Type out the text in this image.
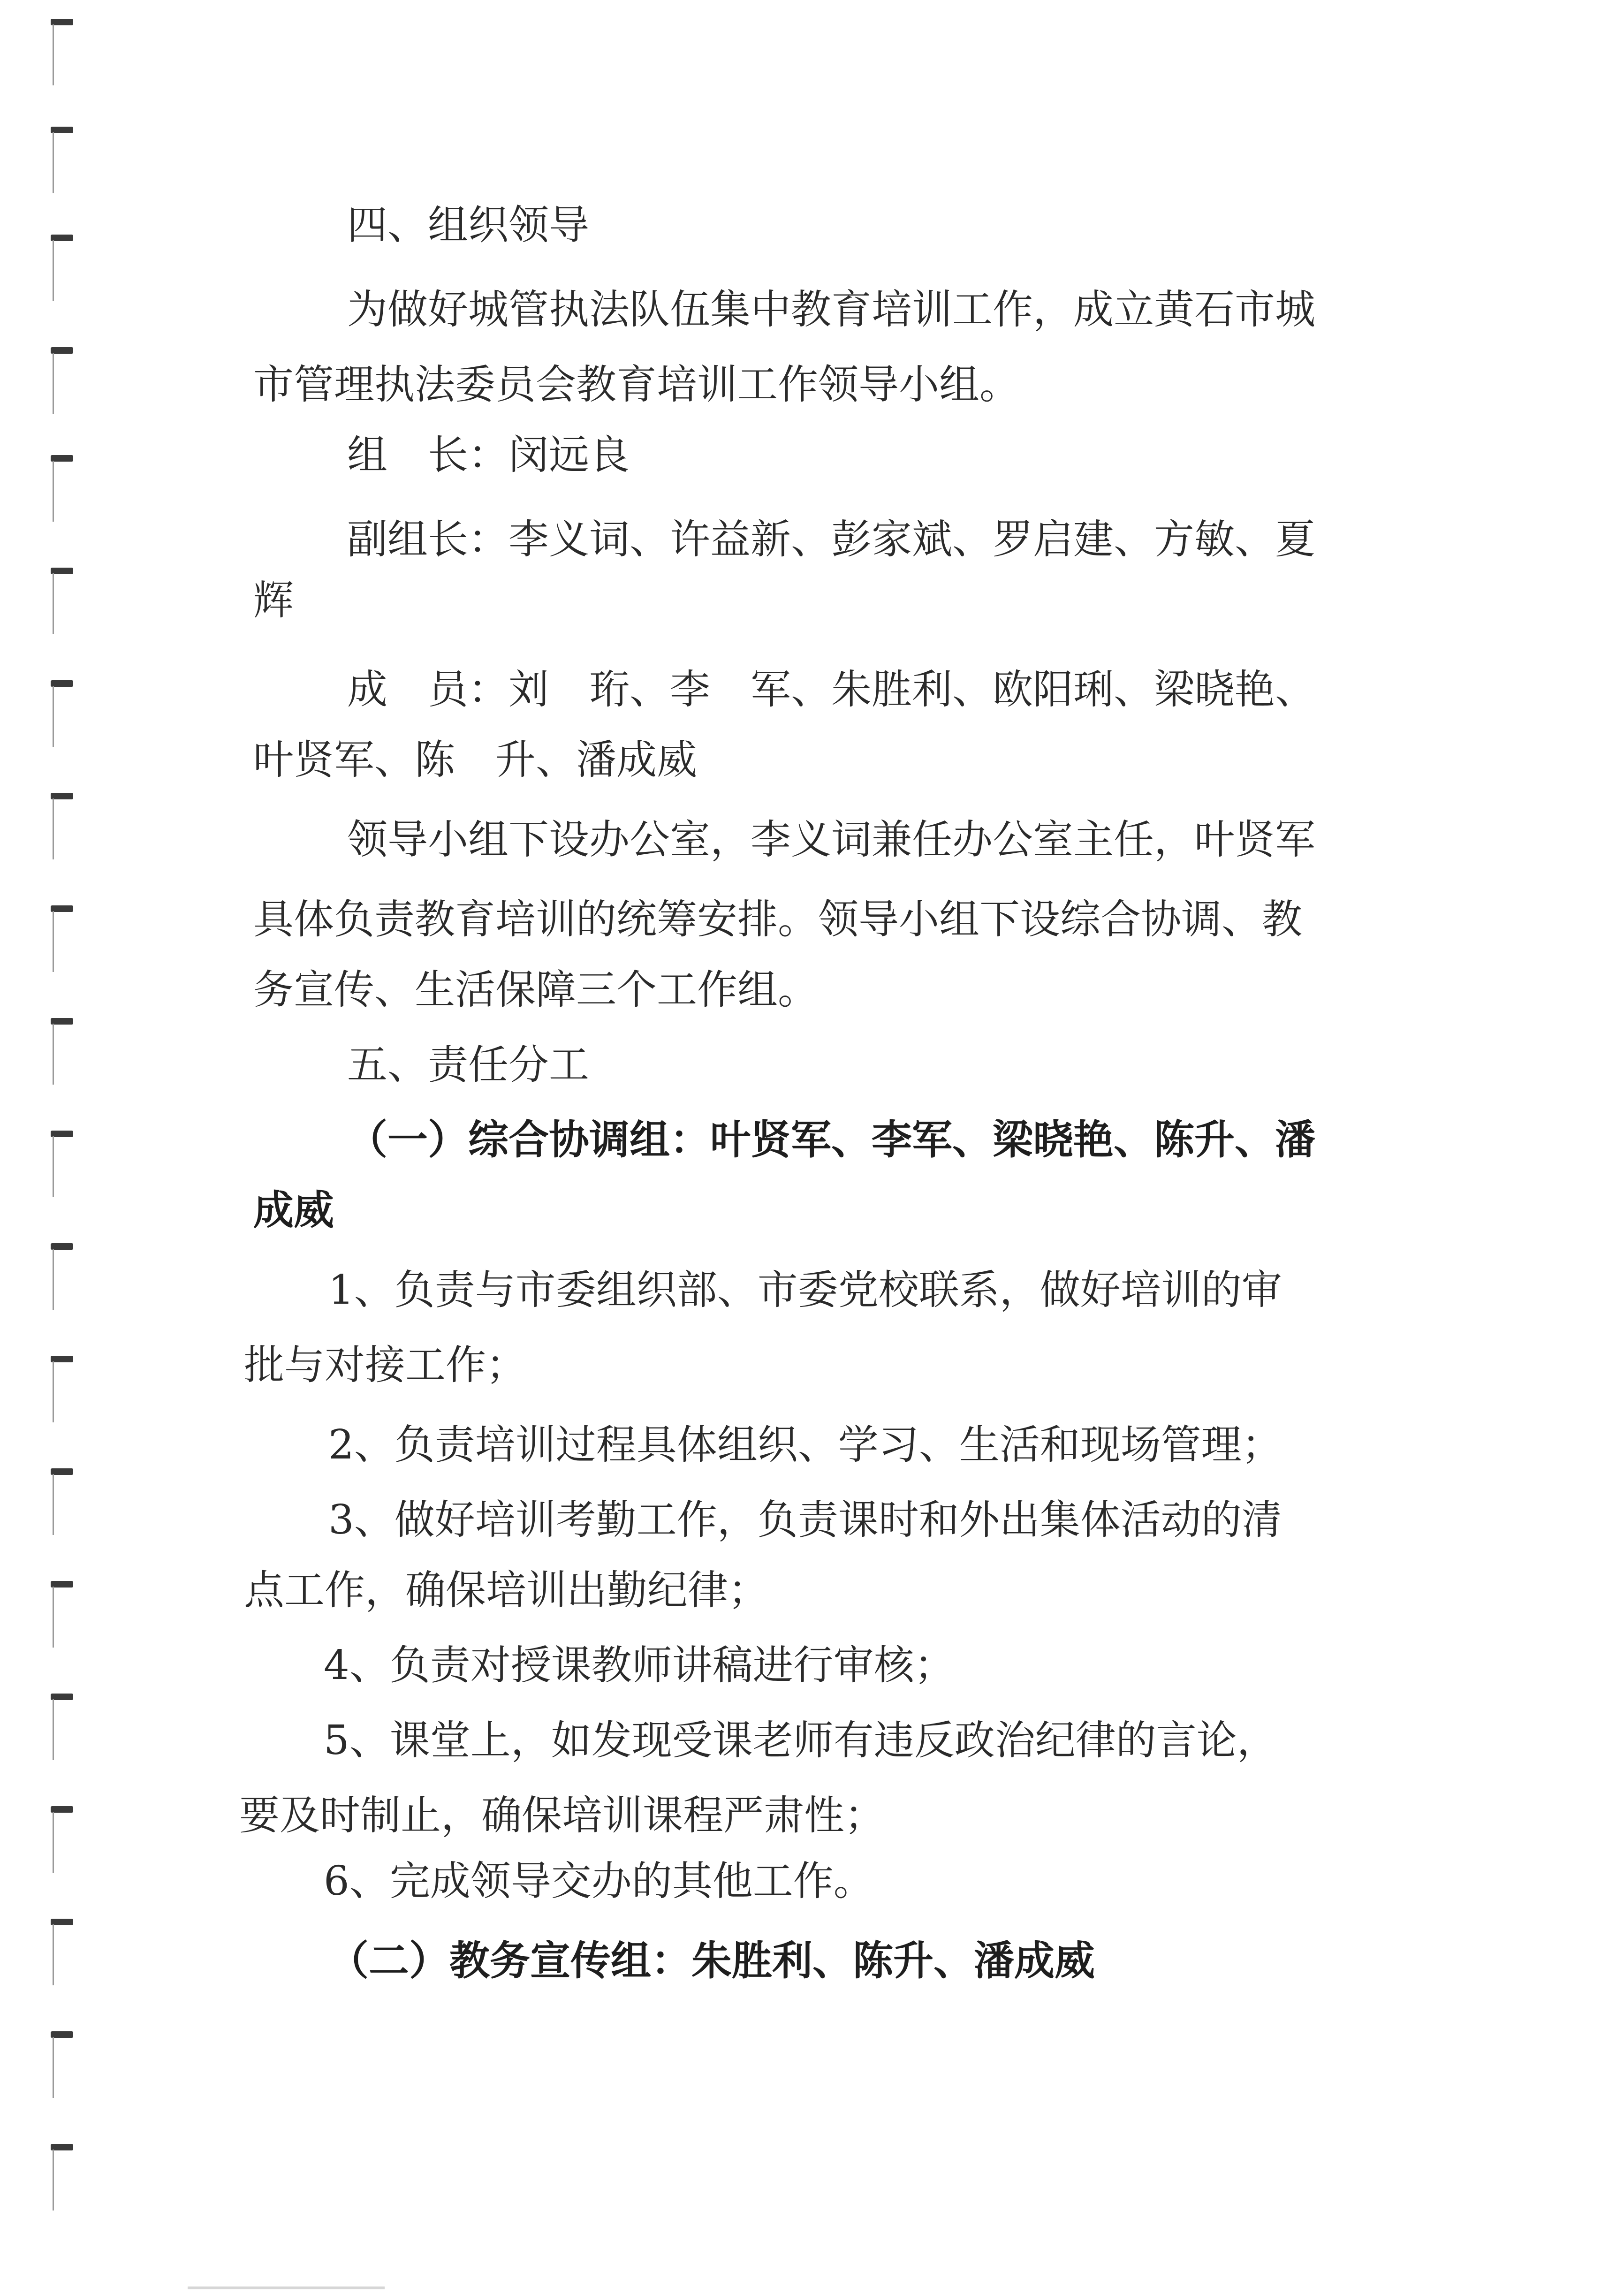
四、组织领导

为做好城管执法队伍集中教育培训工作，成立黄石市城

市管理执法委员会教育培训工作领导小组。

组　长：闵远良

副组长：李义词、许益新、彭家斌、罗启建、方敏、夏

辉

成　员：刘　珩、李　军、朱胜利、欧阳琍、梁晓艳、

叶贤军、陈　升、潘成威

领导小组下设办公室，李义词兼任办公室主任，叶贤军

具体负责教育培训的统筹安排。领导小组下设综合协调、教

务宣传、生活保障三个工作组。

五、责任分工

（一）综合协调组：叶贤军、李军、梁晓艳、陈升、潘

成威

1、负责与市委组织部、市委党校联系，做好培训的审

批与对接工作；

2、负责培训过程具体组织、学习、生活和现场管理；

3、做好培训考勤工作，负责课时和外出集体活动的清

点工作，确保培训出勤纪律；

4、负责对授课教师讲稿进行审核；

5、课堂上，如发现受课老师有违反政治纪律的言论，

要及时制止，确保培训课程严肃性；

6、完成领导交办的其他工作。

（二）教务宣传组：朱胜利、陈升、潘成威
